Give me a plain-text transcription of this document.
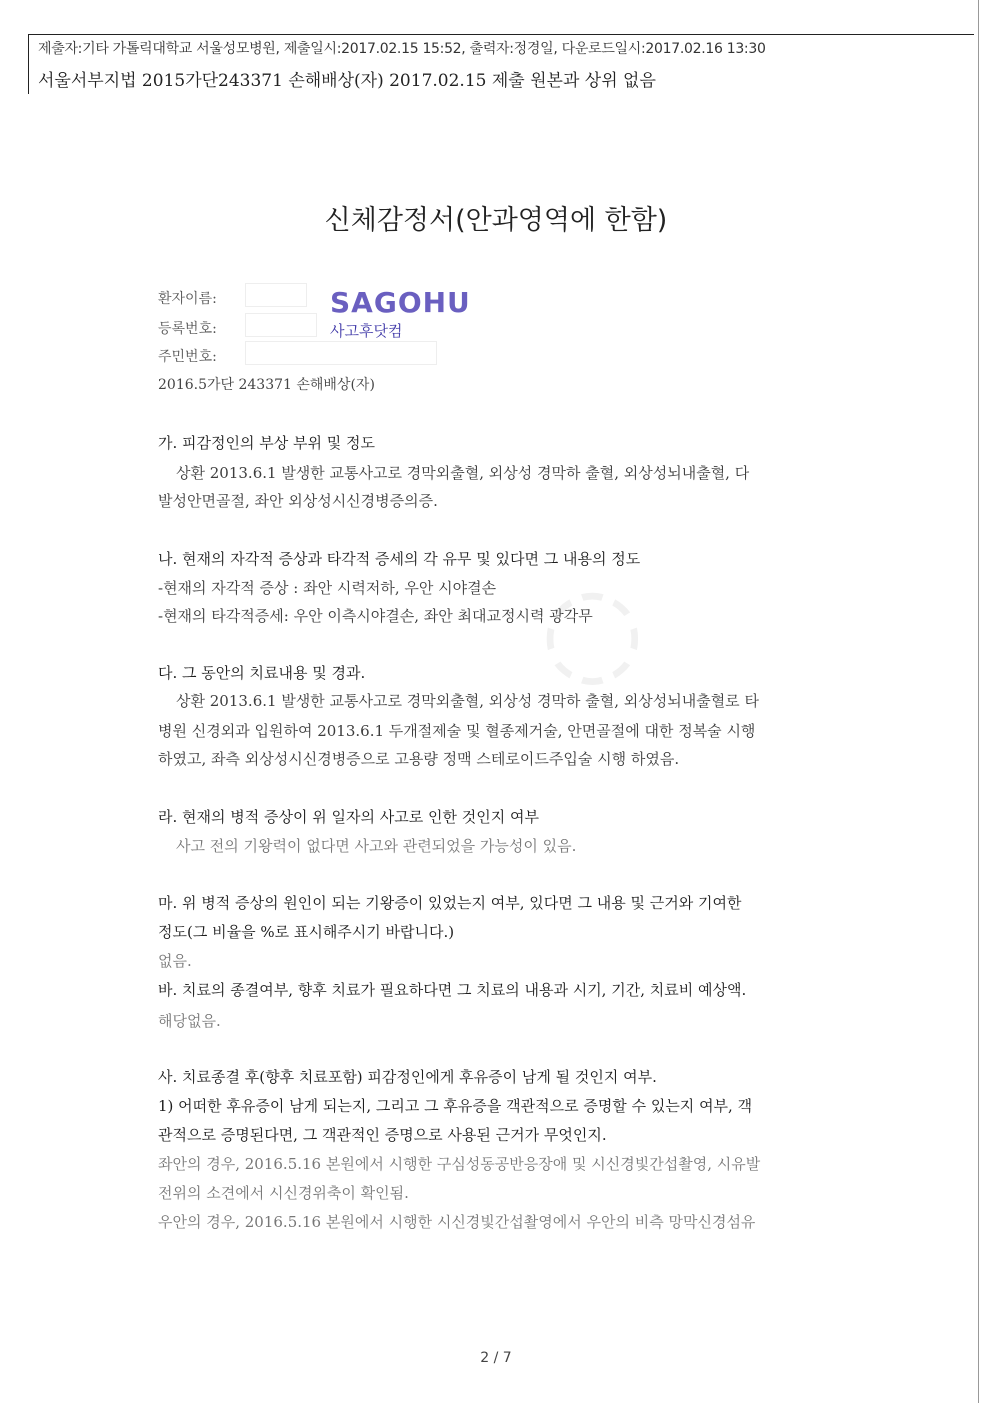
◌
제출자:기타 가톨릭대학교 서울성모병원, 제출일시:2017.02.15 15:52, 출력자:정경일, 다운로드일시:2017.02.16 13:30
서울서부지법 2015가단243371 손해배상(자) 2017.02.15 제출 원본과 상위 없음
신체감정서(안과영역에 한함)
환자이름:
등록번호:
주민번호:
2016.5가단 243371 손해배상(자)
SAGOHU
사고후닷컴
가. 피감정인의 부상 부위 및 정도
상환 2013.6.1 발생한 교통사고로 경막외출혈, 외상성 경막하 출혈, 외상성뇌내출혈, 다
발성안면골절, 좌안 외상성시신경병증의증.
나. 현재의 자각적 증상과 타각적 증세의 각 유무 및 있다면 그 내용의 정도
-현재의 자각적 증상 : 좌안 시력저하, 우안 시야결손
-현재의 타각적증세: 우안 이측시야결손, 좌안 최대교정시력 광각무
다. 그 동안의 치료내용 및 경과.
상환 2013.6.1 발생한 교통사고로 경막외출혈, 외상성 경막하 출혈, 외상성뇌내출혈로 타
병원 신경외과 입원하여 2013.6.1 두개절제술 및 혈종제거술, 안면골절에 대한 정복술 시행
하였고, 좌측 외상성시신경병증으로 고용량 정맥 스테로이드주입술 시행 하였음.
라. 현재의 병적 증상이 위 일자의 사고로 인한 것인지 여부
사고 전의 기왕력이 없다면 사고와 관련되었을 가능성이 있음.
마. 위 병적 증상의 원인이 되는 기왕증이 있었는지 여부, 있다면 그 내용 및 근거와 기여한
정도(그 비율을 %로 표시해주시기 바랍니다.)
없음.
바. 치료의 종결여부, 향후 치료가 필요하다면 그 치료의 내용과 시기, 기간, 치료비 예상액.
해당없음.
사. 치료종결 후(향후 치료포함) 피감정인에게 후유증이 남게 될 것인지 여부.
1) 어떠한 후유증이 남게 되는지, 그리고 그 후유증을 객관적으로 증명할 수 있는지 여부, 객
관적으로 증명된다면, 그 객관적인 증명으로 사용된 근거가 무엇인지.
좌안의 경우, 2016.5.16 본원에서 시행한 구심성동공반응장애 및 시신경빛간섭촬영, 시유발
전위의 소견에서 시신경위축이 확인됨.
우안의 경우, 2016.5.16 본원에서 시행한 시신경빛간섭촬영에서 우안의 비측 망막신경섬유
2 / 7
